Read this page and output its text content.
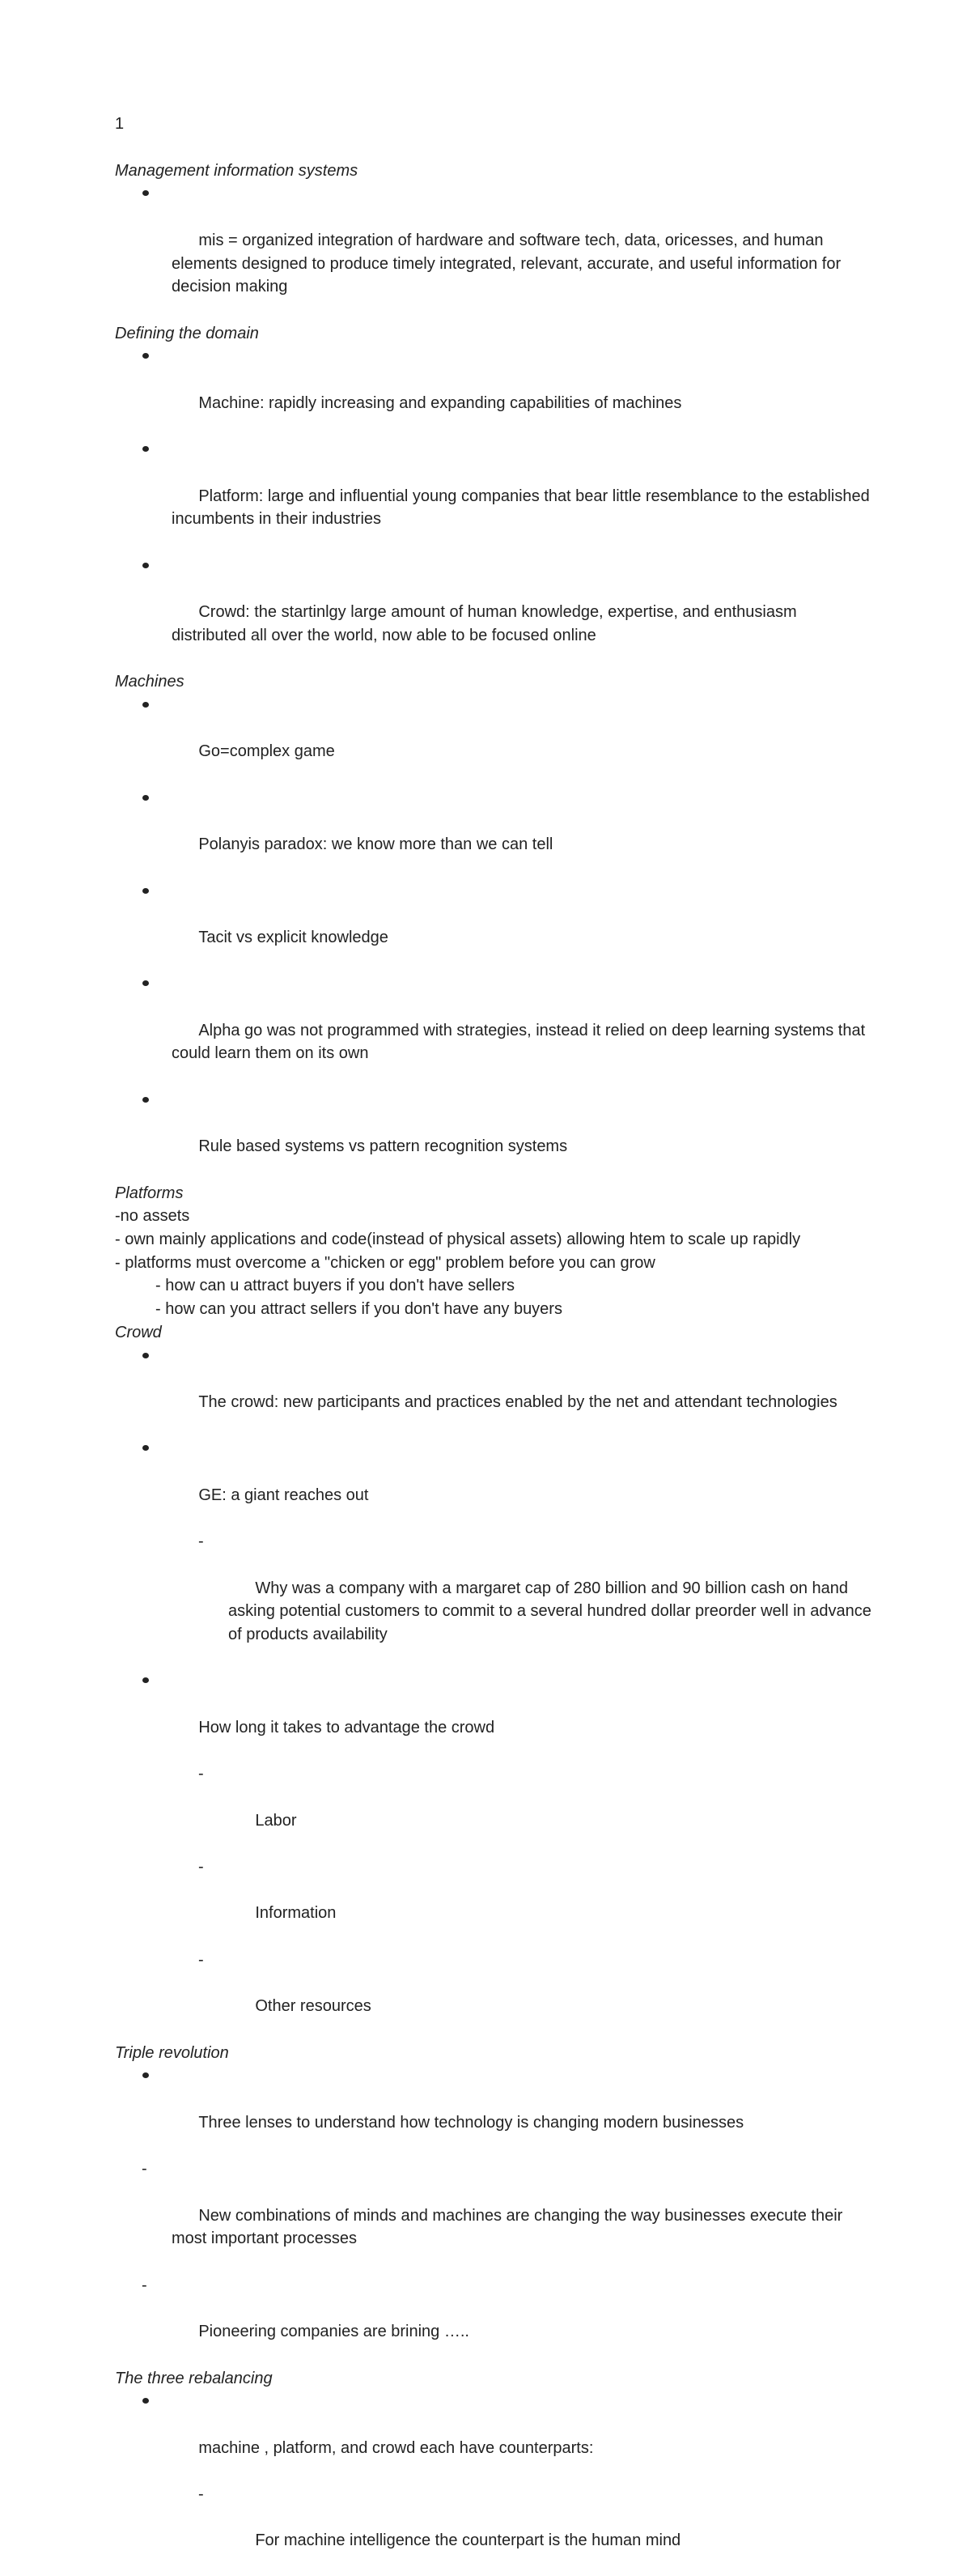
1
Management information systems

mis = organized integration of hardware and software tech, data, oricesses, and human elements designed to produce timely integrated, relevant, accurate, and useful information for decision making

Defining the domain

Machine: rapidly increasing and expanding capabilities of machines

Platform: large and influential young companies that bear little resemblance to the established incumbents in their industries

Crowd: the startinlgy large amount of human knowledge, expertise, and enthusiasm distributed all over the world, now able to be focused online

Machines

Go=complex game

Polanyis paradox: we know more than we can tell

Tacit vs explicit knowledge

Alpha go was not programmed with strategies, instead it relied on deep learning systems that could learn them on its own

Rule based systems vs pattern recognition systems

Platforms
-no assets
- own mainly applications and code(instead of physical assets) allowing htem to scale up rapidly
- platforms must overcome a "chicken or egg" problem before you can grow
- how can u attract buyers if you don't have sellers
- how can you attract sellers if you don't have any buyers
Crowd

The crowd: new participants and practices enabled by the net and attendant technologies

GE: a giant reaches out

-

Why was a company with a margaret cap of 280 billion and 90 billion cash on hand asking potential customers to commit to a several hundred dollar preorder well in advance of products availability

How long it takes to advantage the crowd

-

Labor

-

Information

-

Other resources

Triple revolution

Three lenses to understand how technology is changing modern businesses

-

New combinations of minds and machines are changing the way businesses execute their most important processes

-

Pioneering companies are brining …..

The three rebalancing

machine , platform, and crowd each have counterparts:

-

For machine intelligence the counterpart is the human mind
